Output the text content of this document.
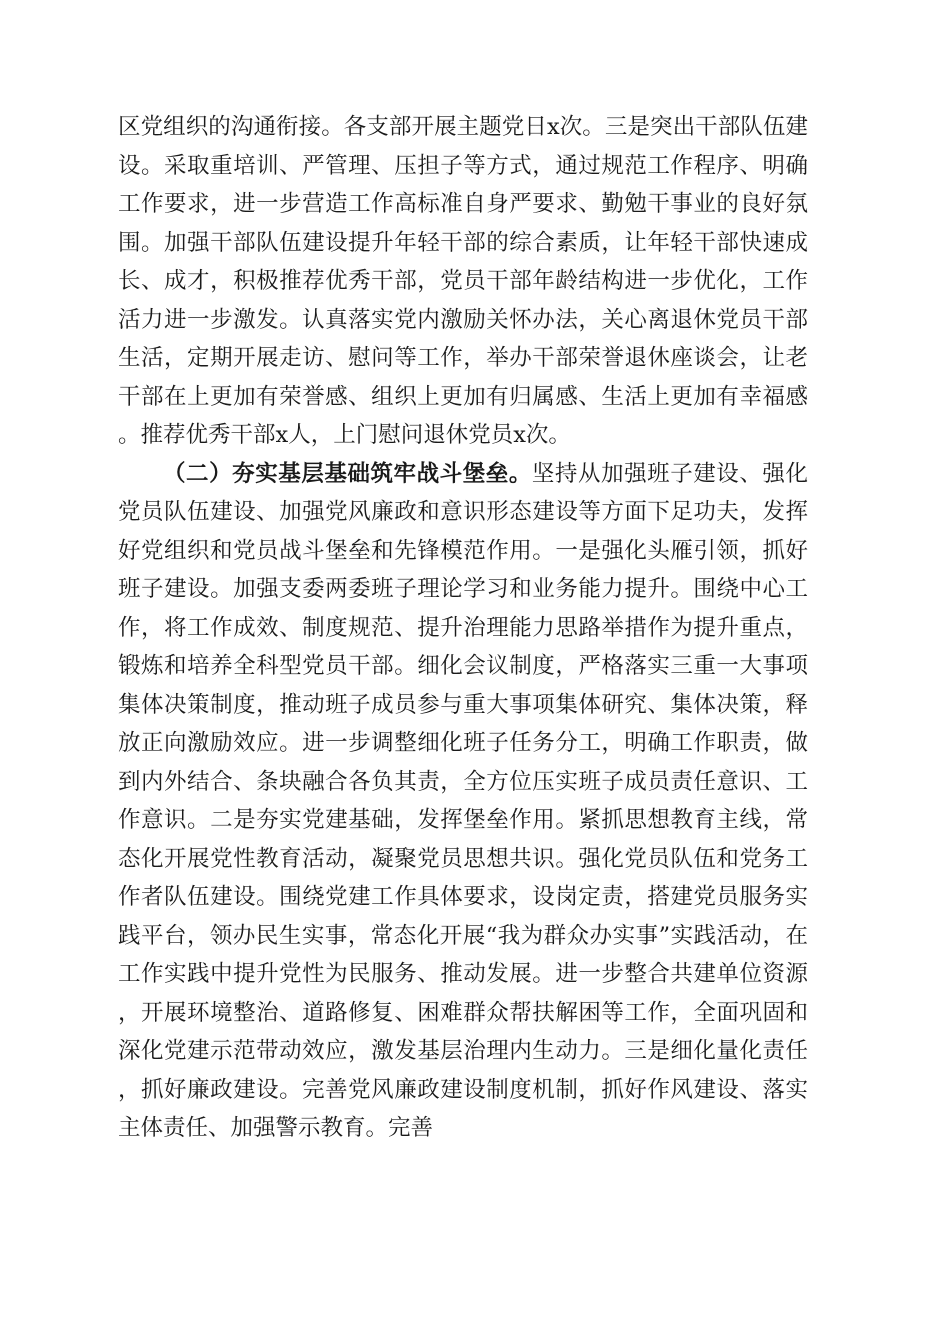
区党组织的沟通衔接。各支部开展主题党日x次。三是突出干部队伍建设。采取重培训、严管理、压担子等方式，通过规范工作程序、明确工作要求，进一步营造工作高标准自身严要求、勤勉干事业的良好氛围。加强干部队伍建设提升年轻干部的综合素质，让年轻干部快速成长、成才，积极推荐优秀干部，党员干部年龄结构进一步优化，工作活力进一步激发。认真落实党内激励关怀办法，关心离退休党员干部生活，定期开展走访、慰问等工作，举办干部荣誉退休座谈会，让老干部在上更加有荣誉感、组织上更加有归属感、生活上更加有幸福感。推荐优秀干部x人，上门慰问退休党员x次。

（二）夯实基层基础筑牢战斗堡垒。坚持从加强班子建设、强化党员队伍建设、加强党风廉政和意识形态建设等方面下足功夫，发挥好党组织和党员战斗堡垒和先锋模范作用。一是强化头雁引领，抓好班子建设。加强支委两委班子理论学习和业务能力提升。围绕中心工作，将工作成效、制度规范、提升治理能力思路举措作为提升重点，锻炼和培养全科型党员干部。细化会议制度，严格落实三重一大事项集体决策制度，推动班子成员参与重大事项集体研究、集体决策，释放正向激励效应。进一步调整细化班子任务分工，明确工作职责，做到内外结合、条块融合各负其责，全方位压实班子成员责任意识、工作意识。二是夯实党建基础，发挥堡垒作用。紧抓思想教育主线，常态化开展党性教育活动，凝聚党员思想共识。强化党员队伍和党务工作者队伍建设。围绕党建工作具体要求，设岗定责，搭建党员服务实践平台，领办民生实事，常态化开展“我为群众办实事”实践活动，在工作实践中提升党性为民服务、推动发展。进一步整合共建单位资源，开展环境整治、道路修复、困难群众帮扶解困等工作，全面巩固和深化党建示范带动效应，激发基层治理内生动力。三是细化量化责任，抓好廉政建设。完善党风廉政建设制度机制，抓好作风建设、落实主体责任、加强警示教育。完善
